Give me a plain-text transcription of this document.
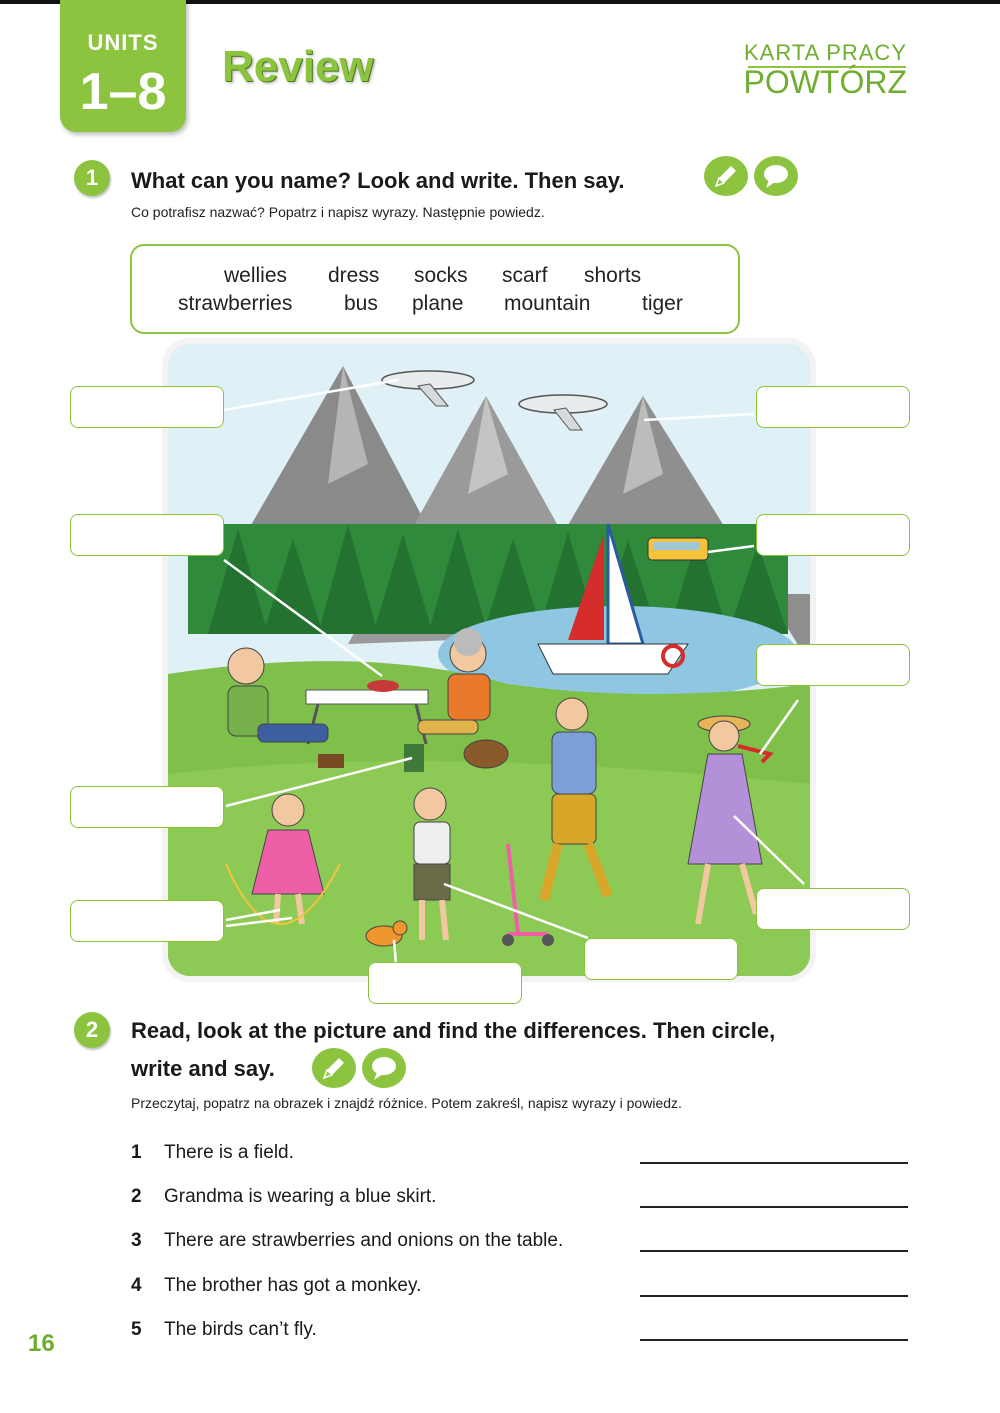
UNITS
1–8	Review	KARTA PRACY
POWTÓRZ
1	What can you name? Look and write. Then say.
Co potrafisz nazwać? Popatrz i napisz wyrazy. Następnie powiedz.
wellies dress socks scarf shorts
strawberries bus plane mountain tiger
2	Read, look at the picture and find the differences. Then circle,
write and say.
Przeczytaj, popatrz na obrazek i znajdź różnice. Potem zakreśl, napisz wyrazy i powiedz.
1 There is a field.
2 Grandma is wearing a blue skirt.
3 There are strawberries and onions on the table.
4 The brother has got a monkey.
5 The birds can’t fly.
16
